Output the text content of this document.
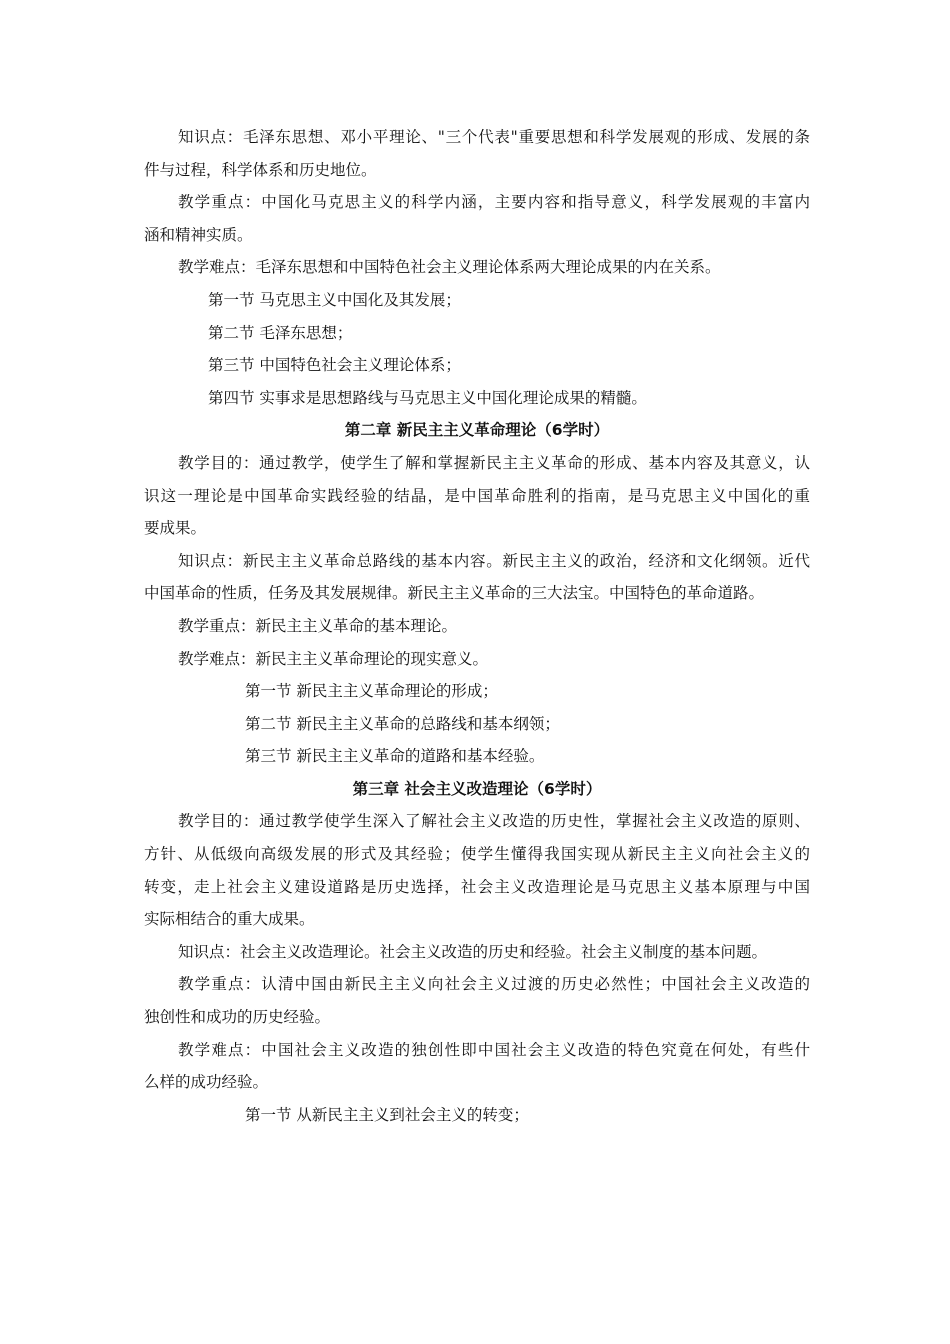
知识点：毛泽东思想、邓小平理论、"三个代表"重要思想和科学发展观的形成、发展的条
件与过程，科学体系和历史地位。
教学重点：中国化马克思主义的科学内涵，主要内容和指导意义，科学发展观的丰富内
涵和精神实质。
教学难点：毛泽东思想和中国特色社会主义理论体系两大理论成果的内在关系。
第一节 马克思主义中国化及其发展；
第二节 毛泽东思想；
第三节 中国特色社会主义理论体系；
第四节 实事求是思想路线与马克思主义中国化理论成果的精髓。
第二章 新民主主义革命理论（6学时）
教学目的：通过教学，使学生了解和掌握新民主主义革命的形成、基本内容及其意义，认
识这一理论是中国革命实践经验的结晶，是中国革命胜利的指南，是马克思主义中国化的重
要成果。
知识点：新民主主义革命总路线的基本内容。新民主主义的政治，经济和文化纲领。近代
中国革命的性质，任务及其发展规律。新民主主义革命的三大法宝。中国特色的革命道路。
教学重点：新民主主义革命的基本理论。
教学难点：新民主主义革命理论的现实意义。
第一节 新民主主义革命理论的形成；
第二节 新民主主义革命的总路线和基本纲领；
第三节 新民主主义革命的道路和基本经验。
第三章 社会主义改造理论（6学时）
教学目的：通过教学使学生深入了解社会主义改造的历史性，掌握社会主义改造的原则、
方针、从低级向高级发展的形式及其经验；使学生懂得我国实现从新民主主义向社会主义的
转变，走上社会主义建设道路是历史选择，社会主义改造理论是马克思主义基本原理与中国
实际相结合的重大成果。
知识点：社会主义改造理论。社会主义改造的历史和经验。社会主义制度的基本问题。
教学重点：认清中国由新民主主义向社会主义过渡的历史必然性；中国社会主义改造的
独创性和成功的历史经验。
教学难点：中国社会主义改造的独创性即中国社会主义改造的特色究竟在何处，有些什
么样的成功经验。
第一节 从新民主主义到社会主义的转变；
